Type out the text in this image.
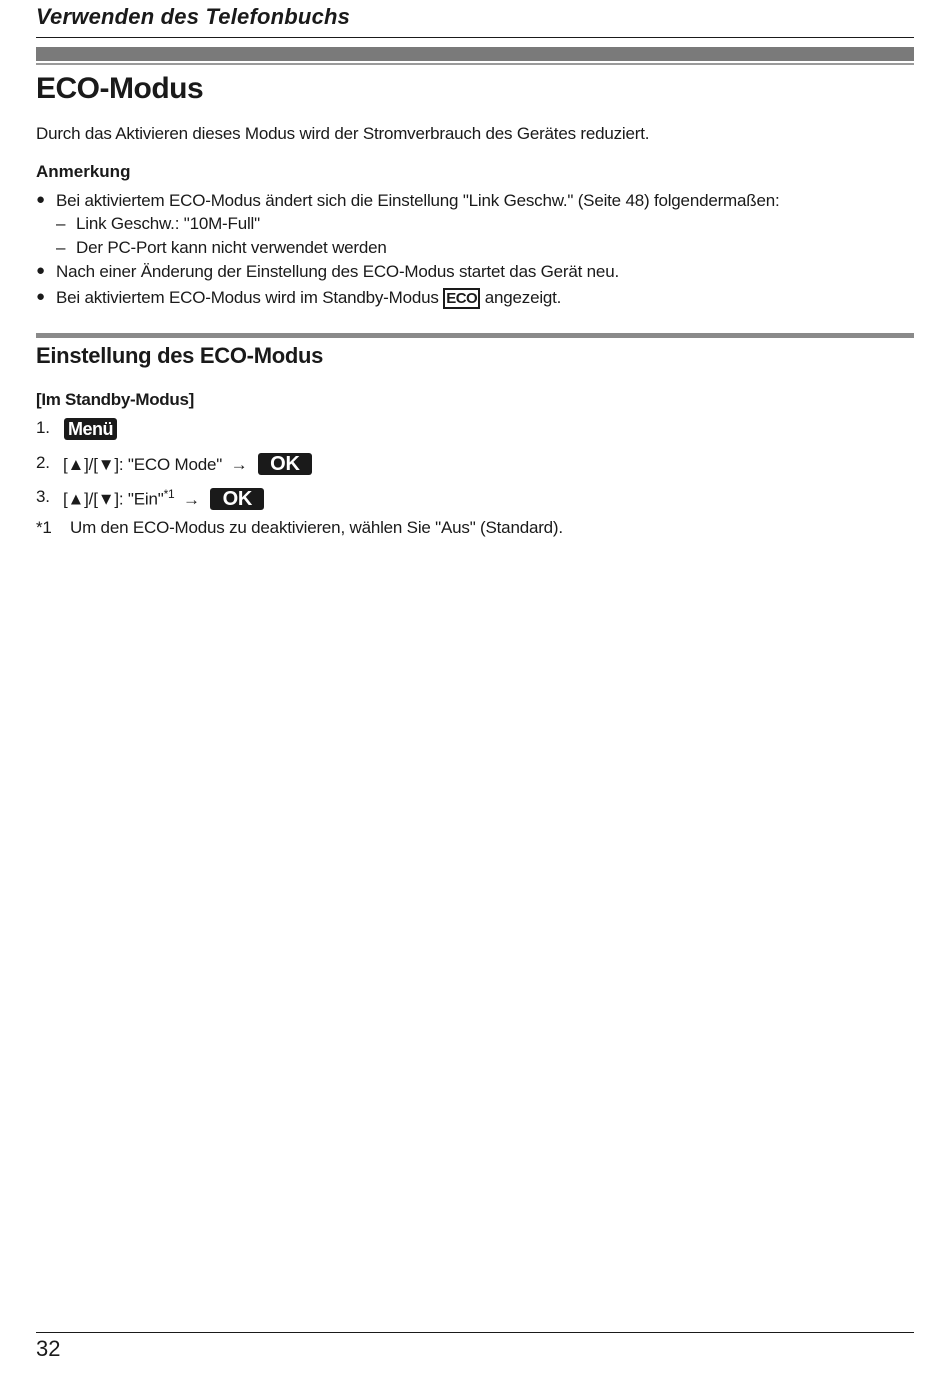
Verwenden des Telefonbuchs
ECO-Modus
Durch das Aktivieren dieses Modus wird der Stromverbrauch des Gerätes reduziert.
Anmerkung
● Bei aktiviertem ECO-Modus ändert sich die Einstellung "Link Geschw." (Seite 48) folgendermaßen:
– Link Geschw.: "10M-Full"
– Der PC-Port kann nicht verwendet werden
● Nach einer Änderung der Einstellung des ECO-Modus startet das Gerät neu.
● Bei aktiviertem ECO-Modus wird im Standby-Modus ECO angezeigt.
Einstellung des ECO-Modus
[Im Standby-Modus]
1. Menü
2. [▲]/[▼]: "ECO Mode" → OK
3. [▲]/[▼]: "Ein"$^{*1}$ → OK
*1 Um den ECO-Modus zu deaktivieren, wählen Sie "Aus" (Standard).
32
